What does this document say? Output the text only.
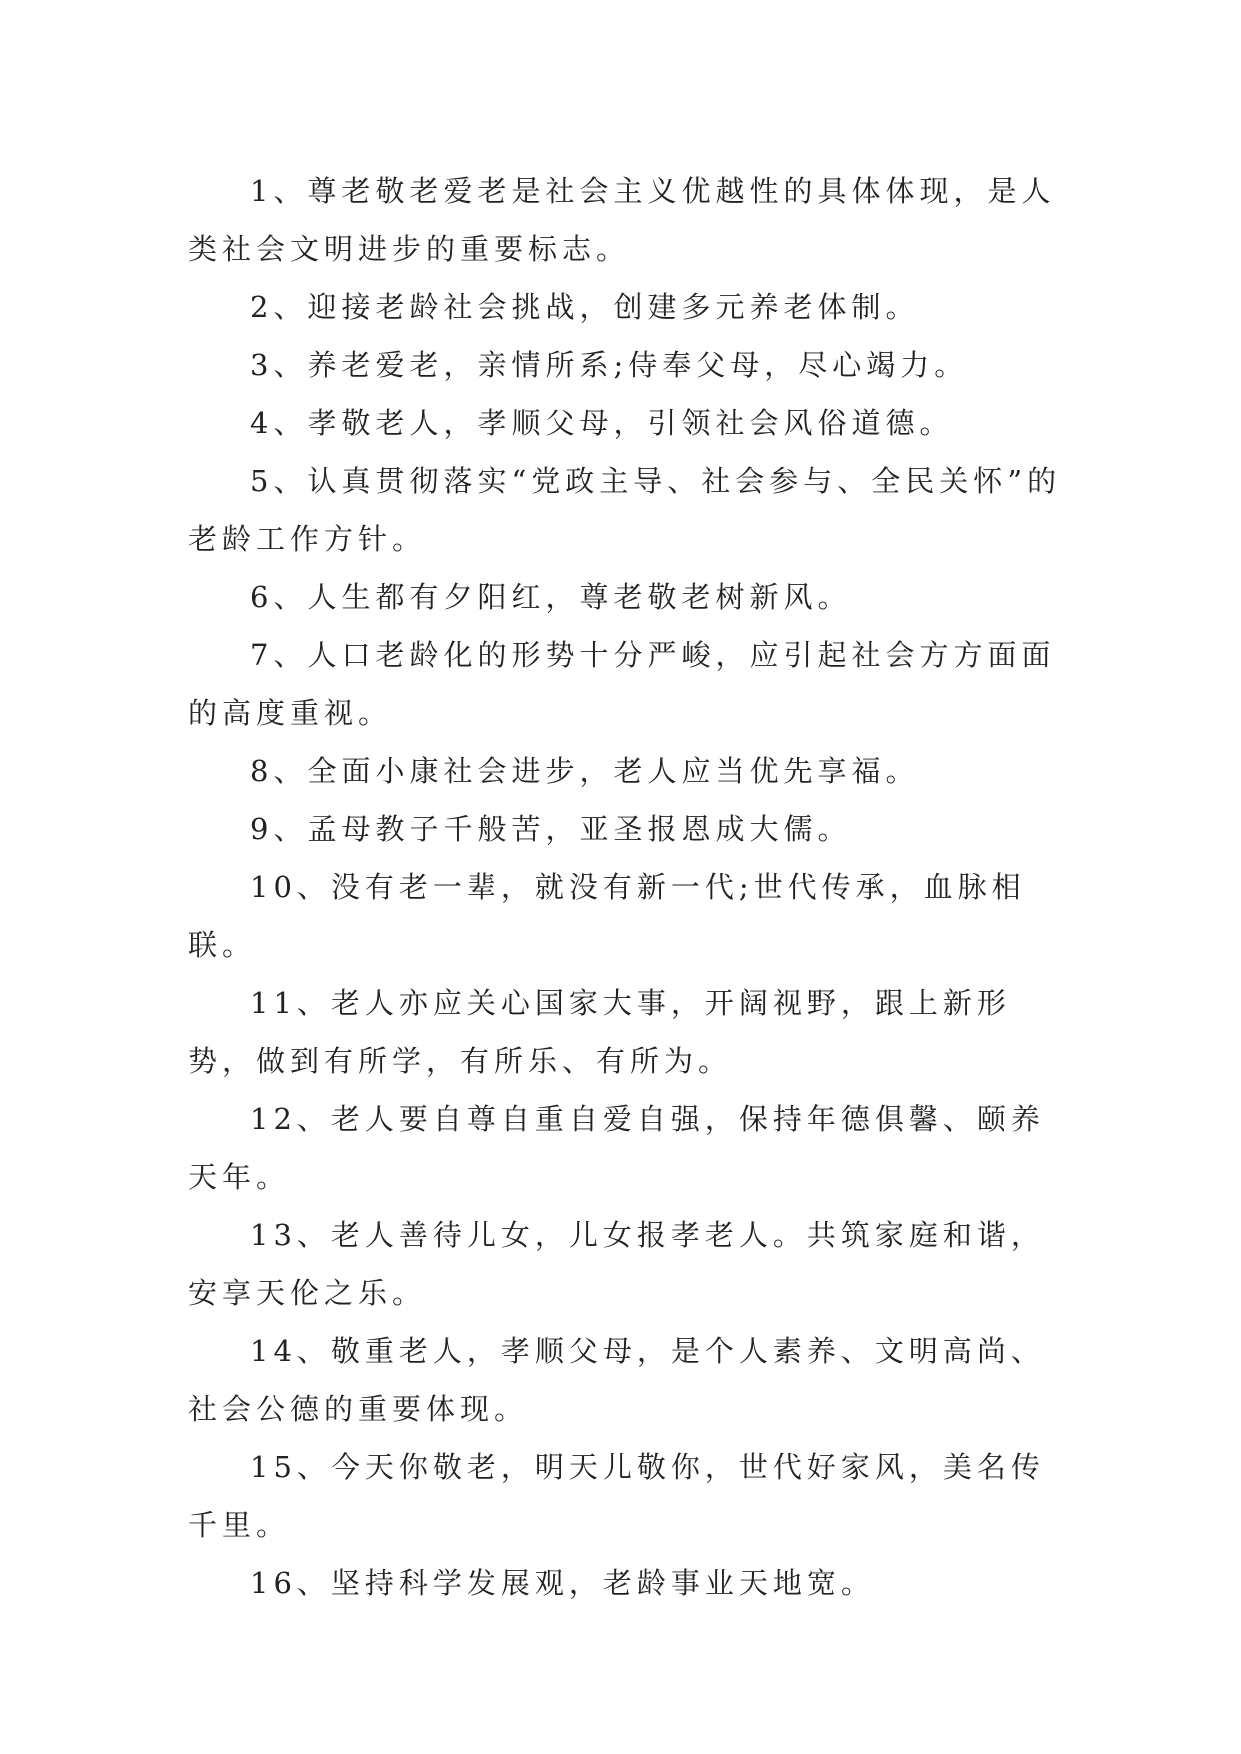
1、尊老敬老爱老是社会主义优越性的具体体现，是人类社会文明进步的重要标志。

2、迎接老龄社会挑战，创建多元养老体制。

3、养老爱老，亲情所系;侍奉父母，尽心竭力。

4、孝敬老人，孝顺父母，引领社会风俗道德。

5、认真贯彻落实“党政主导、社会参与、全民关怀”的老龄工作方针。

6、人生都有夕阳红，尊老敬老树新风。

7、人口老龄化的形势十分严峻，应引起社会方方面面的高度重视。

8、全面小康社会进步，老人应当优先享福。

9、孟母教子千般苦，亚圣报恩成大儒。

10、没有老一辈，就没有新一代;世代传承，血脉相联。

11、老人亦应关心国家大事，开阔视野，跟上新形势，做到有所学，有所乐、有所为。

12、老人要自尊自重自爱自强，保持年德俱馨、颐养天年。

13、老人善待儿女，儿女报孝老人。共筑家庭和谐，安享天伦之乐。

14、敬重老人，孝顺父母，是个人素养、文明高尚、社会公德的重要体现。

15、今天你敬老，明天儿敬你，世代好家风，美名传千里。

16、坚持科学发展观，老龄事业天地宽。
